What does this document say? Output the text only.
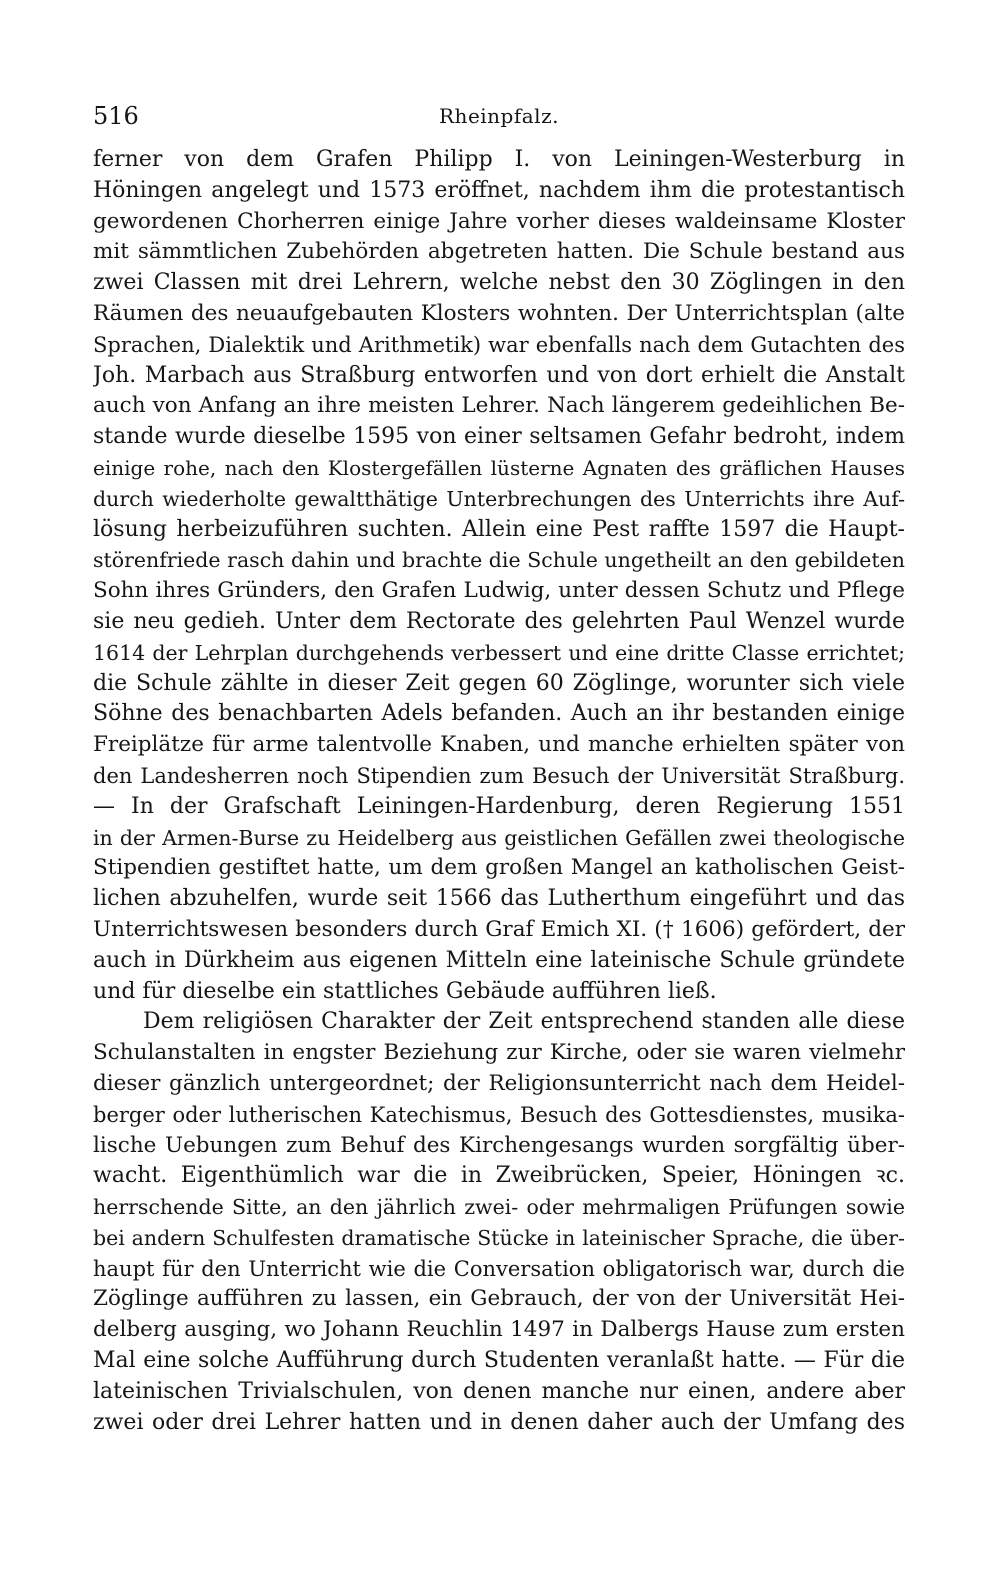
516	Rheinpfalz.
ferner von dem Grafen Philipp I. von Leiningen-Westerburg in
Höningen angelegt und 1573 eröffnet, nachdem ihm die protestantisch
gewordenen Chorherren einige Jahre vorher dieses waldeinsame Kloster
mit sämmtlichen Zubehörden abgetreten hatten. Die Schule bestand aus
zwei Classen mit drei Lehrern, welche nebst den 30 Zöglingen in den
Räumen des neuaufgebauten Klosters wohnten. Der Unterrichtsplan (alte
Sprachen, Dialektik und Arithmetik) war ebenfalls nach dem Gutachten des
Joh. Marbach aus Straßburg entworfen und von dort erhielt die Anstalt
auch von Anfang an ihre meisten Lehrer. Nach längerem gedeihlichen Be-
stande wurde dieselbe 1595 von einer seltsamen Gefahr bedroht, indem
einige rohe, nach den Klostergefällen lüsterne Agnaten des gräflichen Hauses
durch wiederholte gewaltthätige Unterbrechungen des Unterrichts ihre Auf-
lösung herbeizuführen suchten. Allein eine Pest raffte 1597 die Haupt-
störenfriede rasch dahin und brachte die Schule ungetheilt an den gebildeten
Sohn ihres Gründers, den Grafen Ludwig, unter dessen Schutz und Pflege
sie neu gedieh. Unter dem Rectorate des gelehrten Paul Wenzel wurde
1614 der Lehrplan durchgehends verbessert und eine dritte Classe errichtet;
die Schule zählte in dieser Zeit gegen 60 Zöglinge, worunter sich viele
Söhne des benachbarten Adels befanden. Auch an ihr bestanden einige
Freiplätze für arme talentvolle Knaben, und manche erhielten später von
den Landesherren noch Stipendien zum Besuch der Universität Straßburg.
— In der Grafschaft Leiningen-Hardenburg, deren Regierung 1551
in der Armen-Burse zu Heidelberg aus geistlichen Gefällen zwei theologische
Stipendien gestiftet hatte, um dem großen Mangel an katholischen Geist-
lichen abzuhelfen, wurde seit 1566 das Lutherthum eingeführt und das
Unterrichtswesen besonders durch Graf Emich XI. († 1606) gefördert, der
auch in Dürkheim aus eigenen Mitteln eine lateinische Schule gründete
und für dieselbe ein stattliches Gebäude aufführen ließ.
Dem religiösen Charakter der Zeit entsprechend standen alle diese
Schulanstalten in engster Beziehung zur Kirche, oder sie waren vielmehr
dieser gänzlich untergeordnet; der Religionsunterricht nach dem Heidel-
berger oder lutherischen Katechismus, Besuch des Gottesdienstes, musika-
lische Uebungen zum Behuf des Kirchengesangs wurden sorgfältig über-
wacht. Eigenthümlich war die in Zweibrücken, Speier, Höningen ꝛc.
herrschende Sitte, an den jährlich zwei- oder mehrmaligen Prüfungen sowie
bei andern Schulfesten dramatische Stücke in lateinischer Sprache, die über-
haupt für den Unterricht wie die Conversation obligatorisch war, durch die
Zöglinge aufführen zu lassen, ein Gebrauch, der von der Universität Hei-
delberg ausging, wo Johann Reuchlin 1497 in Dalbergs Hause zum ersten
Mal eine solche Aufführung durch Studenten veranlaßt hatte. — Für die
lateinischen Trivialschulen, von denen manche nur einen, andere aber
zwei oder drei Lehrer hatten und in denen daher auch der Umfang des
